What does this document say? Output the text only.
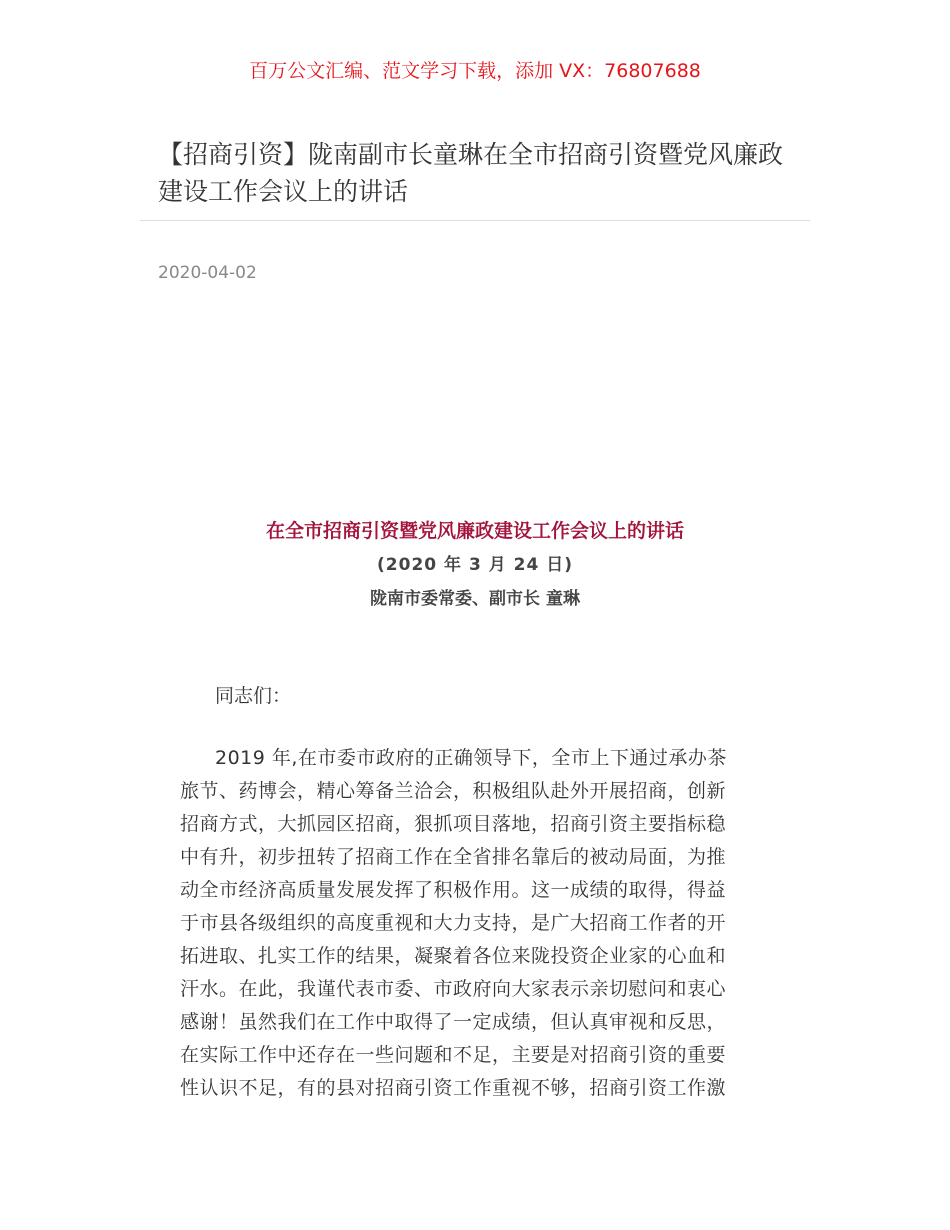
百万公文汇编、范文学习下载，添加 VX：76807688
【招商引资】陇南副市长童琳在全市招商引资暨党风廉政建设工作会议上的讲话
2020-04-02
在全市招商引资暨党风廉政建设工作会议上的讲话
(2020 年 3 月 24 日)
陇南市委常委、副市长 童琳
同志们：
2019 年,在市委市政府的正确领导下，全市上下通过承办茶
旅节、药博会，精心筹备兰洽会，积极组队赴外开展招商，创新
招商方式，大抓园区招商，狠抓项目落地，招商引资主要指标稳
中有升，初步扭转了招商工作在全省排名靠后的被动局面，为推
动全市经济高质量发展发挥了积极作用。这一成绩的取得，得益
于市县各级组织的高度重视和大力支持，是广大招商工作者的开
拓进取、扎实工作的结果，凝聚着各位来陇投资企业家的心血和
汗水。在此，我谨代表市委、市政府向大家表示亲切慰问和衷心
感谢！虽然我们在工作中取得了一定成绩，但认真审视和反思，
在实际工作中还存在一些问题和不足，主要是对招商引资的重要
性认识不足，有的县对招商引资工作重视不够，招商引资工作激
